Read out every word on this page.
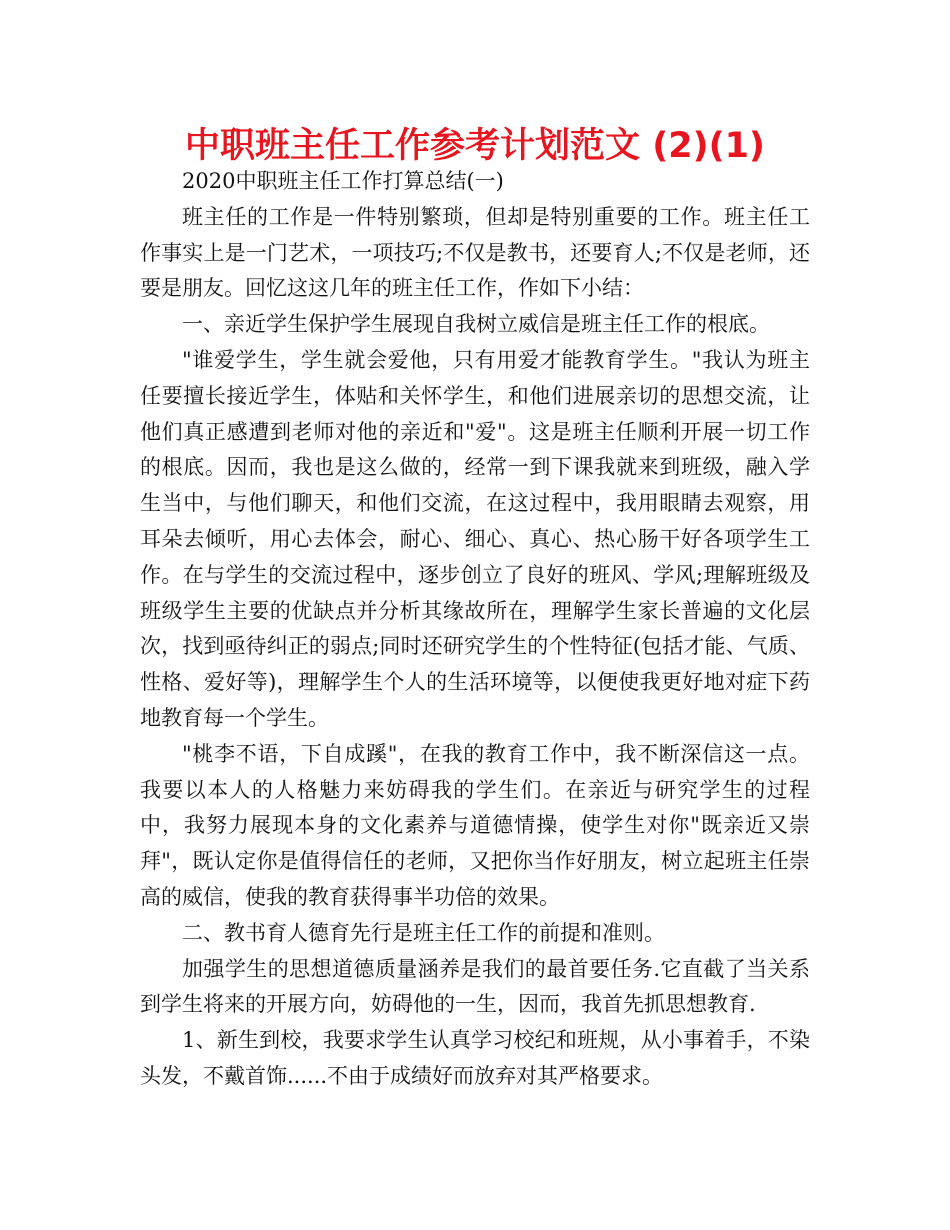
中职班主任工作参考计划范文 (2)(1)

2020中职班主任工作打算总结(一)

班主任的工作是一件特别繁琐，但却是特别重要的工作。班主任工作事实上是一门艺术，一项技巧;不仅是教书，还要育人;不仅是老师，还要是朋友。回忆这这几年的班主任工作，作如下小结：

一、亲近学生保护学生展现自我树立威信是班主任工作的根底。

"谁爱学生，学生就会爱他，只有用爱才能教育学生。"我认为班主任要擅长接近学生，体贴和关怀学生，和他们进展亲切的思想交流，让他们真正感遭到老师对他的亲近和"爱"。这是班主任顺利开展一切工作的根底。因而，我也是这么做的，经常一到下课我就来到班级，融入学生当中，与他们聊天，和他们交流，在这过程中，我用眼睛去观察，用耳朵去倾听，用心去体会，耐心、细心、真心、热心肠干好各项学生工作。在与学生的交流过程中，逐步创立了良好的班风、学风;理解班级及班级学生主要的优缺点并分析其缘故所在，理解学生家长普遍的文化层次，找到亟待纠正的弱点;同时还研究学生的个性特征(包括才能、气质、性格、爱好等)，理解学生个人的生活环境等，以便使我更好地对症下药地教育每一个学生。

"桃李不语，下自成蹊"，在我的教育工作中，我不断深信这一点。我要以本人的人格魅力来妨碍我的学生们。在亲近与研究学生的过程中，我努力展现本身的文化素养与道德情操，使学生对你"既亲近又崇拜"，既认定你是值得信任的老师，又把你当作好朋友，树立起班主任崇高的威信，使我的教育获得事半功倍的效果。

二、教书育人德育先行是班主任工作的前提和准则。

加强学生的思想道德质量涵养是我们的最首要任务.它直截了当关系到学生将来的开展方向，妨碍他的一生，因而，我首先抓思想教育.

1、新生到校，我要求学生认真学习校纪和班规，从小事着手，不染头发，不戴首饰......不由于成绩好而放弃对其严格要求。
